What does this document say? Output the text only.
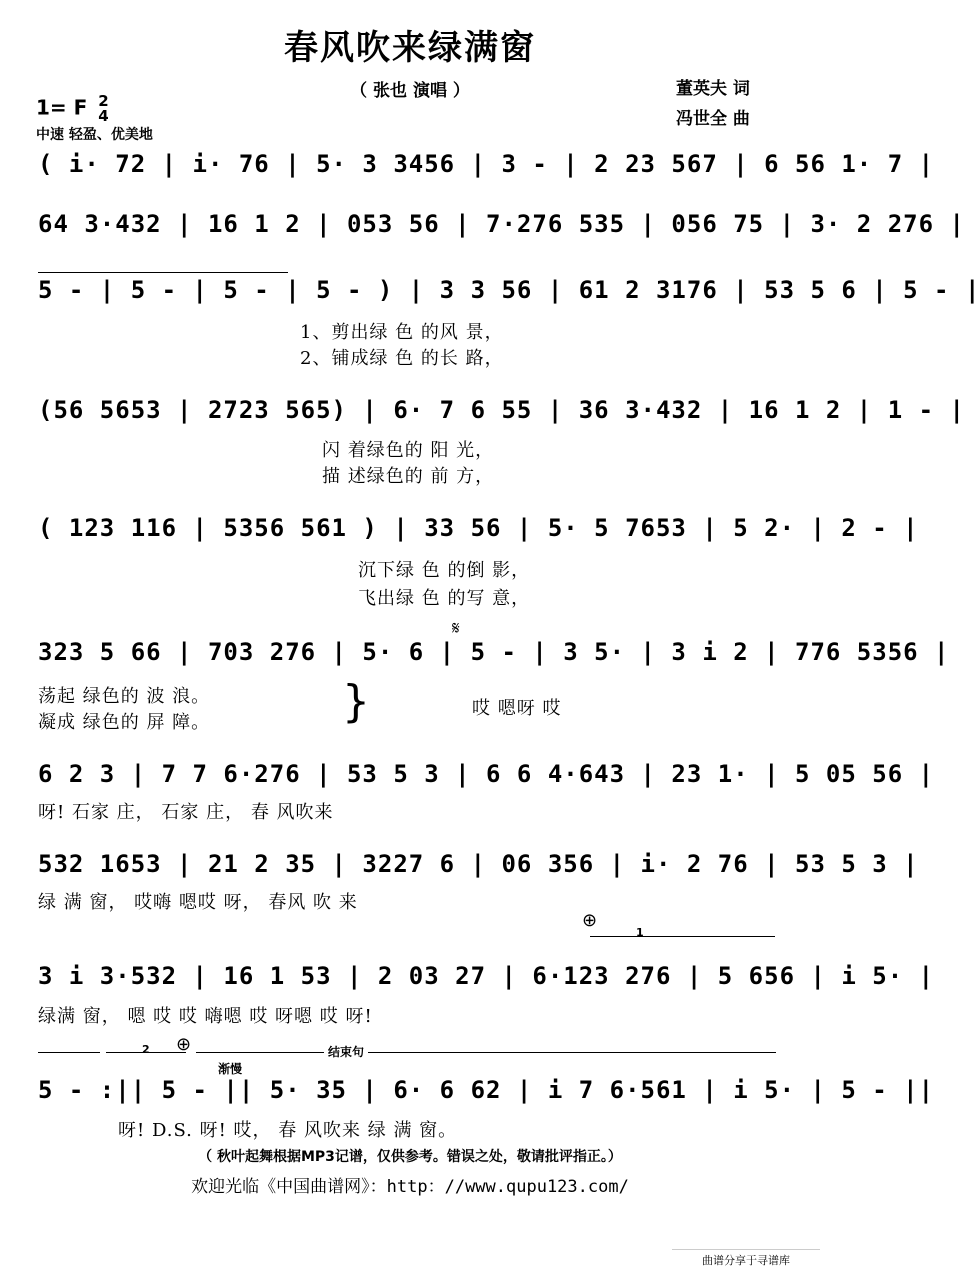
春风吹来绿满窗
（ 张也 演唱 ）	董英夫 词
冯世全 曲
1= F 2
4
中速 轻盈、优美地
( i· 72 | i· 76 | 5· 3 3456 | 3 - | 2 23 567 | 6 56 1· 7 |
64 3·432 | 16 1 2 | 053 56 | 7·276 535 | 056 75 | 3· 2 276 |
5 - | 5 - | 5 - | 5 - ) | 3 3 56 | 61 2 3176 | 53 5 6 | 5 - |
1、剪出绿 色 的风 景，
2、铺成绿 色 的长 路，
(56 5653 | 2723 565) | 6· 7 6 55 | 36 3·432 | 16 1 2 | 1 - |
闪 着绿色的 阳 光，
描 述绿色的 前 方，
( 123 116 | 5356 561 ) | 33 56 | 5· 5 7653 | 5 2· | 2 - |
沉下绿 色 的倒 影，
飞出绿 色 的写 意，
𝄋
323 5 66 | 703 276 | 5· 6 | 5 - | 3 5· | 3 i 2 | 776 5356 |
荡起 绿色的 波 浪。
凝成 绿色的 屏 障。	}	哎 嗯呀 哎
6 2 3 | 7 7 6·276 | 53 5 3 | 6 6 4·643 | 23 1· | 5 05 56 |
呀! 石家 庄， 石家 庄， 春 风吹来
532 1653 | 21 2 35 | 3227 6 | 06 356 | i· 2 76 | 53 5 3 |
绿 满 窗， 哎嗨 嗯哎 呀， 春风 吹 来
⊕
1
3 i 3·532 | 16 1 53 | 2 03 27 | 6·123 276 | 5 656 | i 5· |
绿满 窗， 嗯 哎 哎 嗨嗯 哎 呀嗯 哎 呀!
2 ⊕	结束句
渐慢
5 - :|| 5 - || 5· 35 | 6· 6 62 | i 7 6·561 | i 5· | 5 - ||
呀! D.S. 呀! 哎， 春 风吹来 绿 满 窗。
（ 秋叶起舞根据MP3记谱，仅供参考。错误之处，敬请批评指正。）
欢迎光临《中国曲谱网》：http：//www.qupu123.com/
曲谱分享于寻谱库
